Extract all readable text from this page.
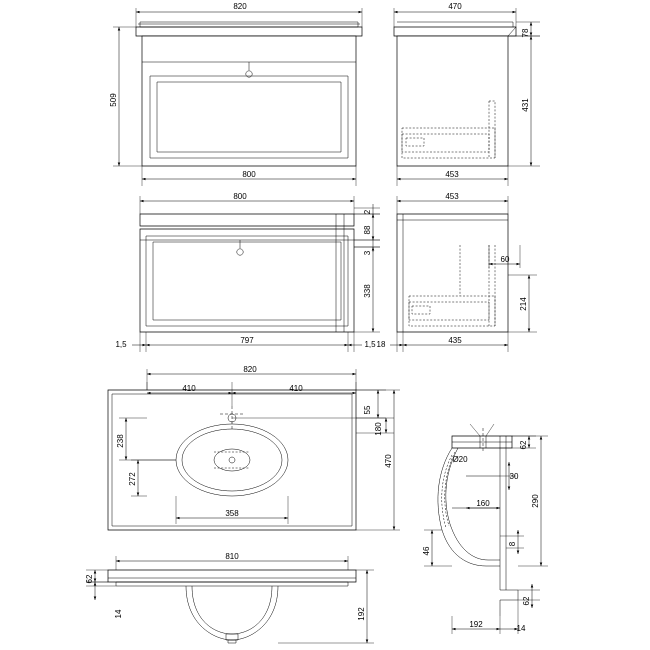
820
509
800
470
78
431
453
800
2
88
3
338
797
1,5	1,5
453
60
214
435
18
820
410	410
55
180
470
238
272
358
810
62
14	192
Ø20
62
30
160	290
8
46
62
192	14
